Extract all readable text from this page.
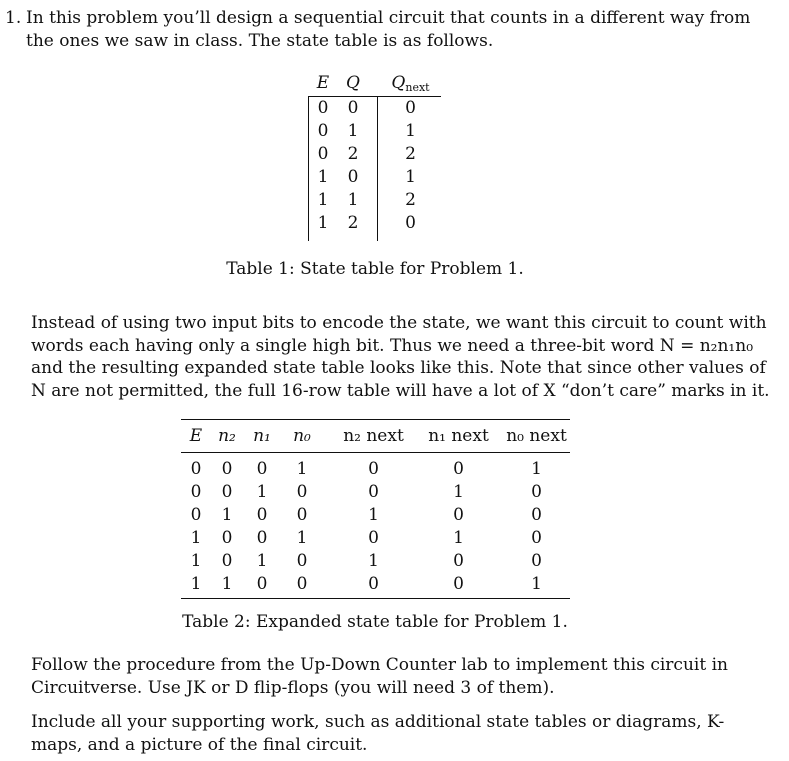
1. In this problem you’ll design a sequential circuit that counts in a different way from the ones we saw in class. The state table is as follows.
E Q	$Q_{next}$
0	0	0
0	1	1
0	2	2
1	0	1
1	1	2
1	2	0
Table 1: State table for Problem 1.
Instead of using two input bits to encode the state, we want this circuit to count with words each having only a single high bit. Thus we need a three-bit word N = n₂n₁n₀ and the resulting expanded state table looks like this. Note that since other values of N are not permitted, the full 16-row table will have a lot of X “don’t care” marks in it.
E n₂ n₁ n₀	n₂ next	n₁ next	n₀ next
0	0	0	1	0	0	1
0	0	1	0	0	1	0
0	1	0	0	1	0	0
1	0	0	1	0	1	0
1	0	1	0	1	0	0
1	1	0	0	0	0	1
Table 2: Expanded state table for Problem 1.
Follow the procedure from the Up-Down Counter lab to implement this circuit in Circuitverse. Use JK or D flip-flops (you will need 3 of them).
Include all your supporting work, such as additional state tables or diagrams, K-maps, and a picture of the final circuit.
